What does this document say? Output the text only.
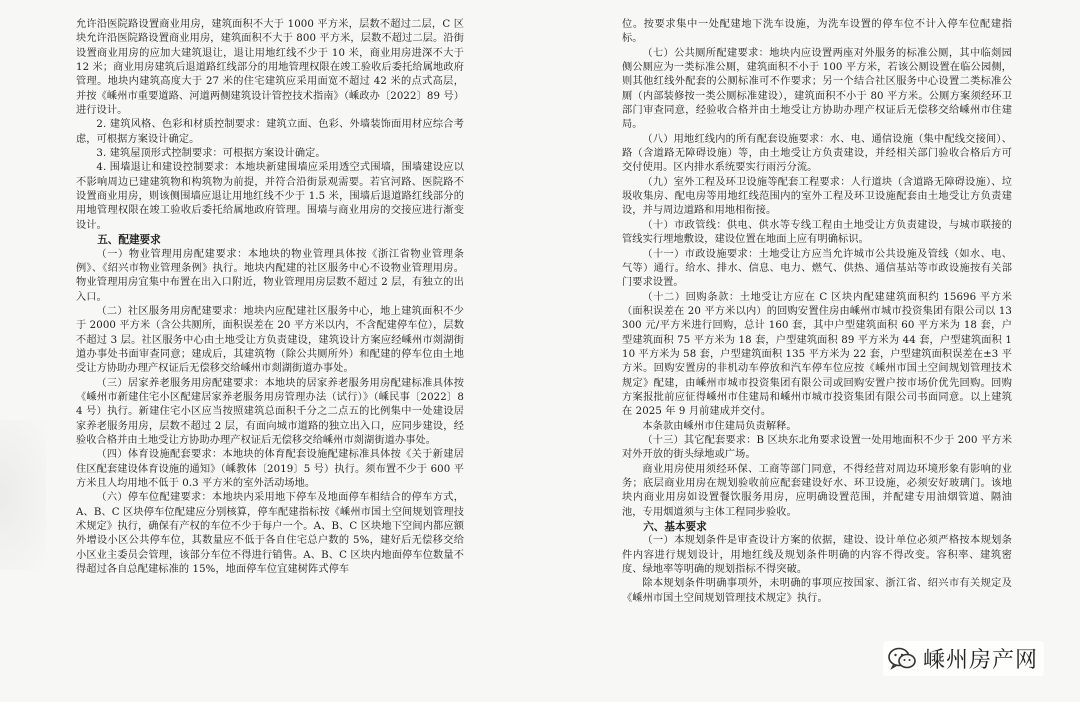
允许沿医院路设置商业用房，建筑面积不大于 1000 平方米，层数不超过二层，C 区块允许沿医院路设置商业用房，建筑面积不大于 800 平方米，层数不超过二层。沿街设置商业用房的应加大建筑退让，退让用地红线不少于 10 米，商业用房进深不大于 12 米；商业用房建筑后退道路红线部分的用地管理权限在竣工验收后委托给属地政府管理。地块内建筑高度大于 27 米的住宅建筑应采用面宽不超过 42 米的点式高层，并按《嵊州市重要道路、河道两侧建筑设计管控技术指南》（嵊政办〔2022〕89 号）进行设计。

2. 建筑风格、色彩和材质控制要求：建筑立面、色彩、外墙装饰面用材应综合考虑，可根据方案设计确定。

3. 建筑屋顶形式控制要求：可根据方案设计确定。

4. 围墙退让和建设控制要求：本地块新建围墙应采用透空式围墙，围墙建设应以不影响周边已建建筑物和构筑物为前提，并符合沿街景观需要。若官河路、医院路不设置商业用房，则该侧围墙应退让用地红线不少于 1.5 米，围墙后退道路红线部分的用地管理权限在竣工验收后委托给属地政府管理。围墙与商业用房的交接应进行渐变设计。

五、配建要求

（一）物业管理用房配建要求：本地块的物业管理具体按《浙江省物业管理条例》、《绍兴市物业管理条例》执行。地块内配建的社区服务中心不设物业管理用房。物业管理用房宜集中布置在出入口附近，物业管理用房层数不超过 2 层，有独立的出入口。

（二）社区服务用房配建要求：地块内应配建社区服务中心，地上建筑面积不少于 2000 平方米（含公共厕所，面积误差在 20 平方米以内，不含配建停车位），层数不超过 3 层。社区服务中心由土地受让方负责建设，建筑设计方案应经嵊州市剡湖街道办事处书面审查同意；建成后，其建筑物（除公共厕所外）和配建的停车位由土地受让方协助办理产权证后无偿移交给嵊州市剡湖街道办事处。

（三）居家养老服务用房配建要求：本地块的居家养老服务用房配建标准具体按《嵊州市新建住宅小区配建居家养老服务用房管理办法（试行）》（嵊民事〔2022〕84 号）执行。新建住宅小区应当按照建筑总面积千分之二点五的比例集中一处建设居家养老服务用房，层数不超过 2 层，有面向城市道路的独立出入口，应同步建设，经验收合格并由土地受让方协助办理产权证后无偿移交给嵊州市剡湖街道办事处。

（四）体育设施配套要求：本地块的体育配套设施配建标准具体按《关于新建居住区配套建设体育设施的通知》（嵊教体〔2019〕5 号）执行。须布置不少于 600 平方米且人均用地不低于 0.3 平方米的室外活动场地。

（六）停车位配建要求：本地块内采用地下停车及地面停车相结合的停车方式，A、B、C 区块停车位配建应分别核算，停车配建指标按《嵊州市国土空间规划管理技术规定》执行，确保有产权的车位不少于每户一个。A、B、C 区块地下空间内都应额外增设小区公共停车位，其数量应不低于各自住宅总户数的 5%，建好后无偿移交给小区业主委员会管理，该部分车位不得进行销售。A、B、C 区块内地面停车位数量不得超过各自总配建标准的 15%，地面停车位宜建树阵式停车

位。按要求集中一处配建地下洗车设施，为洗车设置的停车位不计入停车位配建指标。

（七）公共厕所配建要求：地块内应设置两座对外服务的标准公厕，其中临剡园侧公厕应为一类标准公厕，建筑面积不小于 100 平方米，若该公厕设置在临公园侧，则其他红线外配套的公厕标准可不作要求；另一个结合社区服务中心设置二类标准公厕（内部装修按一类公厕标准建设），建筑面积不小于 80 平方米。公厕方案须经环卫部门审查同意，经验收合格并由土地受让方协助办理产权证后无偿移交给嵊州市住建局。

（八）用地红线内的所有配套设施要求：水、电、通信设施（集中配线交接间）、路（含道路无障碍设施）等，由土地受让方负责建设，并经相关部门验收合格后方可交付使用。区内排水系统要实行雨污分流。

（九）室外工程及环卫设施等配套工程要求：人行道块（含道路无障碍设施）、垃圾收集房、配电房等用地红线范围内的室外工程及环卫设施配套由土地受让方负责建设，并与周边道路和用地相衔接。

（十）市政管线：供电、供水等专线工程由土地受让方负责建设，与城市联接的管线实行埋地敷设，建设位置在地面上应有明确标识。

（十一）市政设施要求：土地受让方应当允许城市公共设施及管线（如水、电、气等）通行。给水、排水、信息、电力、燃气、供热、通信基站等市政设施按有关部门要求设置。

（十二）回购条款：土地受让方应在 C 区块内配建建筑面积约 15696 平方米（面积误差在 20 平方米以内）的回购安置住房由嵊州市城市投资集团有限公司以 13300 元/平方米进行回购，总计 160 套，其中户型建筑面积 60 平方米为 18 套，户型建筑面积 75 平方米为 18 套，户型建筑面积 89 平方米为 44 套，户型建筑面积 110 平方米为 58 套，户型建筑面积 135 平方米为 22 套，户型建筑面积误差在±3 平方米。回购安置房的非机动车停放和汽车停车位应按《嵊州市国土空间规划管理技术规定》配建，由嵊州市城市投资集团有限公司或回购安置户按市场价优先回购。回购方案报批前应征得嵊州市住建局和嵊州市城市投资集团有限公司书面同意。以上建筑在 2025 年 9 月前建成并交付。

本条款由嵊州市住建局负责解释。

（十三）其它配套要求：B 区块东北角要求设置一处用地面积不少于 200 平方米对外开放的街头绿地或广场。

商业用房使用须经环保、工商等部门同意，不得经营对周边环境形象有影响的业务；底层商业用房在规划验收前应配套建设好水、环卫设施，必须安好玻璃门。该地块内商业用房如设置餐饮服务用房，应明确设置范围，并配建专用油烟管道、隔油池，专用烟道须与主体工程同步验收。

六、基本要求

（一）本规划条件是审查设计方案的依据，建设、设计单位必须严格按本规划条件内容进行规划设计，用地红线及规划条件明确的内容不得改变。容积率、建筑密度、绿地率等明确的规划指标不得突破。

除本规划条件明确事项外，未明确的事项应按国家、浙江省、绍兴市有关规定及《嵊州市国土空间规划管理技术规定》执行。

嵊州房产网
